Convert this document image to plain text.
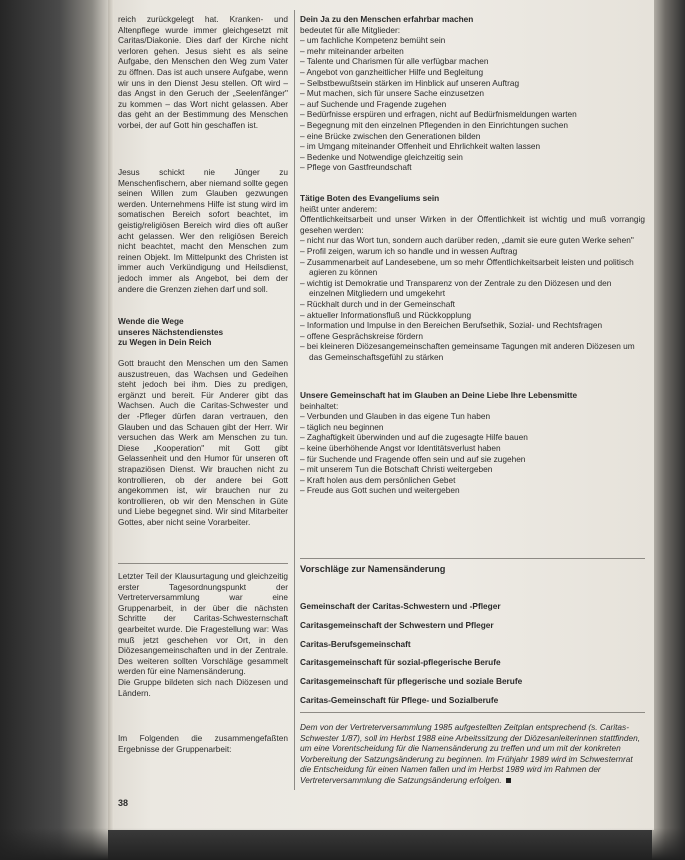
reich zurückgelegt hat. Kranken- und Altenpflege wurde immer gleichgesetzt mit Caritas/Diakonie. Dies darf der Kirche nicht verloren gehen. Jesus sieht es als seine Aufgabe, den Menschen den Weg zum Vater zu öffnen. Das ist auch unsere Aufgabe, wenn wir uns in den Dienst Jesu stellen. Oft wird – das Angst in den Geruch der „Seelenfänger" zu kommen – das Wort nicht gelassen. Aber das geht an der Bestimmung des Menschen vorbei, der auf Gott hin geschaffen ist.

Jesus schickt nie Jünger zu Menschenfischern, aber niemand sollte gegen seinen Willen zum Glauben gezwungen werden. Unternehmens Hilfe ist stung wird im somatischen Bereich sofort beachtet, im geistig/religiösen Bereich wird dies oft außer acht gelassen. Wer den religiösen Bereich nicht beachtet, macht den Menschen zum reinen Objekt. Im Mittelpunkt des Christen ist immer auch Verkündigung und Heilsdienst, jedoch immer als Angebot, bei dem der andere die Grenzen ziehen darf und soll.

Wende die Wege
unseres Nächstendienstes
zu Wegen in Dein Reich

Gott braucht den Menschen um den Samen auszustreuen, das Wachsen und Gedeihen steht jedoch bei ihm. Dies zu predigen, ergänzt und bereit. Für Anderer gibt das Wachsen. Auch die Caritas-Schwester und der -Pfleger dürfen daran vertrauen, den Glauben und das Schauen gibt der Herr. Wir versuchen das Werk am Menschen zu tun. Diese „Kooperation" mit Gott gibt Gelassenheit und den Humor für unseren oft strapaziösen Dienst. Wir brauchen nicht zu kontrollieren, ob der andere bei Gott angekommen ist, wir brauchen nur zu kontrollieren, ob wir den Menschen in Güte und Liebe begegnet sind. Wir sind Mitarbeiter Gottes, aber nicht seine Vorarbeiter.

Letzter Teil der Klausurtagung und gleichzeitig erster Tagesordnungspunkt der Vertreterversammlung war eine Gruppenarbeit, in der über die nächsten Schritte der Caritas-Schwesternschaft gearbeitet wurde. Die Fragestellung war: Was muß jetzt geschehen vor Ort, in den Diözesangemeinschaften und in der Zentrale. Des weiteren sollten Vorschläge gesammelt werden für eine Namensänderung.

Die Gruppe bildeten sich nach Diözesen und Ländern.

Im Folgenden die zusammengefaßten Ergebnisse der Gruppenarbeit:

Dein Ja zu den Menschen erfahrbar machen
bedeutet für alle Mitglieder:
– um fachliche Kompetenz bemüht sein
– mehr miteinander arbeiten
– Talente und Charismen für alle verfügbar machen
– Angebot von ganzheitlicher Hilfe und Begleitung
– Selbstbewußtsein stärken im Hinblick auf unseren Auftrag
– Mut machen, sich für unsere Sache einzusetzen
– auf Suchende und Fragende zugehen
– Bedürfnisse erspüren und erfragen, nicht auf Bedürfnismeldungen warten
– Begegnung mit den einzelnen Pflegenden in den Einrichtungen suchen
– eine Brücke zwischen den Generationen bilden
– im Umgang miteinander Offenheit und Ehrlichkeit walten lassen
– Bedenke und Notwendige gleichzeitig sein
– Pflege von Gastfreundschaft
Tätige Boten des Evangeliums sein
heißt unter anderem:
Öffentlichkeitsarbeit und unser Wirken in der Öffentlichkeit ist wichtig und muß vorrangig gesehen werden:
– nicht nur das Wort tun, sondern auch darüber reden, „damit sie eure guten Werke sehen"
– Profil zeigen, warum ich so handle und in wessen Auftrag
– Zusammenarbeit auf Landesebene, um so mehr Öffentlichkeitsarbeit leisten und politisch agieren zu können
– wichtig ist Demokratie und Transparenz von der Zentrale zu den Diözesen und den einzelnen Mitgliedern und umgekehrt
– Rückhalt durch und in der Gemeinschaft
– aktueller Informationsfluß und Rückkopplung
– Information und Impulse in den Bereichen Berufsethik, Sozial- und Rechtsfragen
– offene Gesprächskreise fördern
– bei kleineren Diözesangemeinschaften gemeinsame Tagungen mit anderen Diözesen um das Gemeinschaftsgefühl zu stärken
Unsere Gemeinschaft hat im Glauben an Deine Liebe Ihre Lebensmitte
beinhaltet:
– Verbunden und Glauben in das eigene Tun haben
– täglich neu beginnen
– Zaghaftigkeit überwinden und auf die zugesagte Hilfe bauen
– keine überhöhende Angst vor Identitätsverlust haben
– für Suchende und Fragende offen sein und auf sie zugehen
– mit unserem Tun die Botschaft Christi weitergeben
– Kraft holen aus dem persönlichen Gebet
– Freude aus Gott suchen und weitergeben
Vorschläge zur Namensänderung
Gemeinschaft der Caritas-Schwestern und -Pfleger
Caritasgemeinschaft der Schwestern und Pfleger
Caritas-Berufsgemeinschaft
Caritasgemeinschaft für sozial-pflegerische Berufe
Caritasgemeinschaft für pflegerische und soziale Berufe
Caritas-Gemeinschaft für Pflege- und Sozialberufe
Dem von der Vertreterversammlung 1985 aufgestellten Zeitplan entsprechend (s. Caritas-Schwester 1/87), soll im Herbst 1988 eine Arbeitssitzung der Diözesanleiterinnen stattfinden, um eine Vorentscheidung für die Namensänderung zu treffen und um mit der konkreten Vorbereitung der Satzungsänderung zu beginnen. Im Frühjahr 1989 wird im Schwesternrat die Entscheidung für einen Namen fallen und im Herbst 1989 wird im Rahmen der Vertreterversammlung die Satzungsänderung erfolgen.
38
